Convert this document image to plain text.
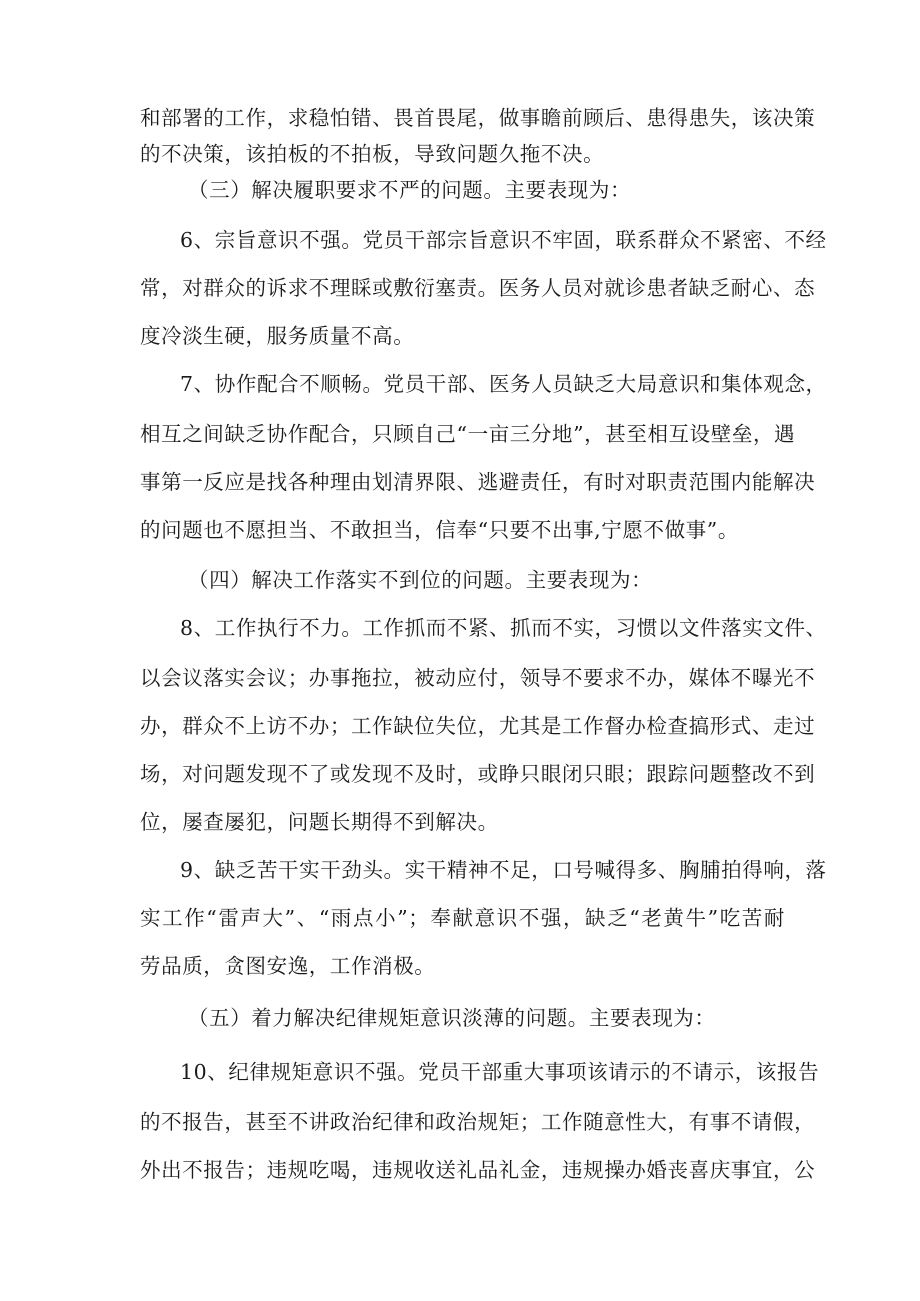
和部署的工作，求稳怕错、畏首畏尾，做事瞻前顾后、患得患失，该决策
的不决策，该拍板的不拍板，导致问题久拖不决。
（三）解决履职要求不严的问题。主要表现为：
6、宗旨意识不强。党员干部宗旨意识不牢固，联系群众不紧密、不经
常，对群众的诉求不理睬或敷衍塞责。医务人员对就诊患者缺乏耐心、态
度冷淡生硬，服务质量不高。
7、协作配合不顺畅。党员干部、医务人员缺乏大局意识和集体观念，
相互之间缺乏协作配合，只顾自己“一亩三分地”，甚至相互设壁垒，遇
事第一反应是找各种理由划清界限、逃避责任，有时对职责范围内能解决
的问题也不愿担当、不敢担当，信奉“只要不出事,宁愿不做事”。
（四）解决工作落实不到位的问题。主要表现为：
8、工作执行不力。工作抓而不紧、抓而不实，习惯以文件落实文件、
以会议落实会议；办事拖拉，被动应付，领导不要求不办，媒体不曝光不
办，群众不上访不办；工作缺位失位，尤其是工作督办检查搞形式、走过
场，对问题发现不了或发现不及时，或睁只眼闭只眼；跟踪问题整改不到
位，屡查屡犯，问题长期得不到解决。
9、缺乏苦干实干劲头。实干精神不足，口号喊得多、胸脯拍得响，落
实工作“雷声大”、“雨点小”；奉献意识不强，缺乏“老黄牛”吃苦耐
劳品质，贪图安逸，工作消极。
（五）着力解决纪律规矩意识淡薄的问题。主要表现为：
10、纪律规矩意识不强。党员干部重大事项该请示的不请示，该报告
的不报告，甚至不讲政治纪律和政治规矩；工作随意性大，有事不请假，
外出不报告；违规吃喝，违规收送礼品礼金，违规操办婚丧喜庆事宜，公
